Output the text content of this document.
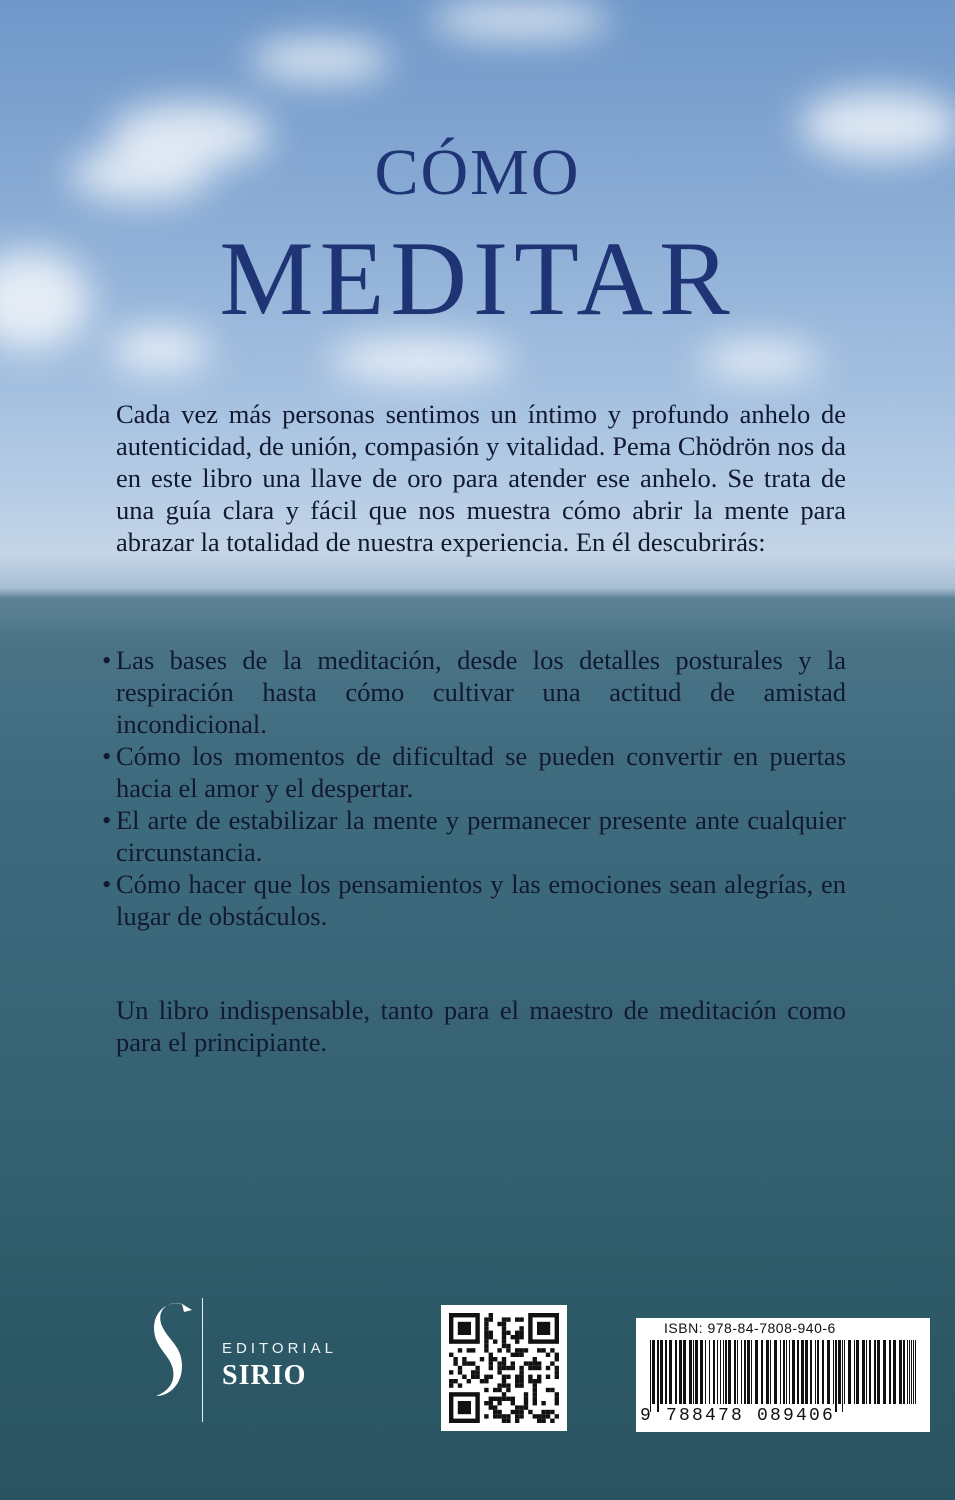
CÓMO
MEDITAR
Cada vez más personas sentimos un íntimo y profundo anhelo de autenticidad, de unión, compasión y vitalidad. Pema Chödrön nos da en este libro una llave de oro para atender ese anhelo. Se trata de una guía clara y fácil que nos muestra cómo abrir la mente para abrazar la totalidad de nuestra experiencia. En él descubrirás:
• Las bases de la meditación, desde los detalles posturales y la respiración hasta cómo cultivar una actitud de amistad incondicional.
• Cómo los momentos de dificultad se pueden convertir en puertas hacia el amor y el despertar.
• El arte de estabilizar la mente y permanecer presente ante cualquier circunstancia.
• Cómo hacer que los pensamientos y las emociones sean alegrías, en lugar de obstáculos.
Un libro indispensable, tanto para el maestro de meditación como para el principiante.
EDITORIAL
SIRIO
ISBN: 978-84-7808-940-6
9 788478 089406
